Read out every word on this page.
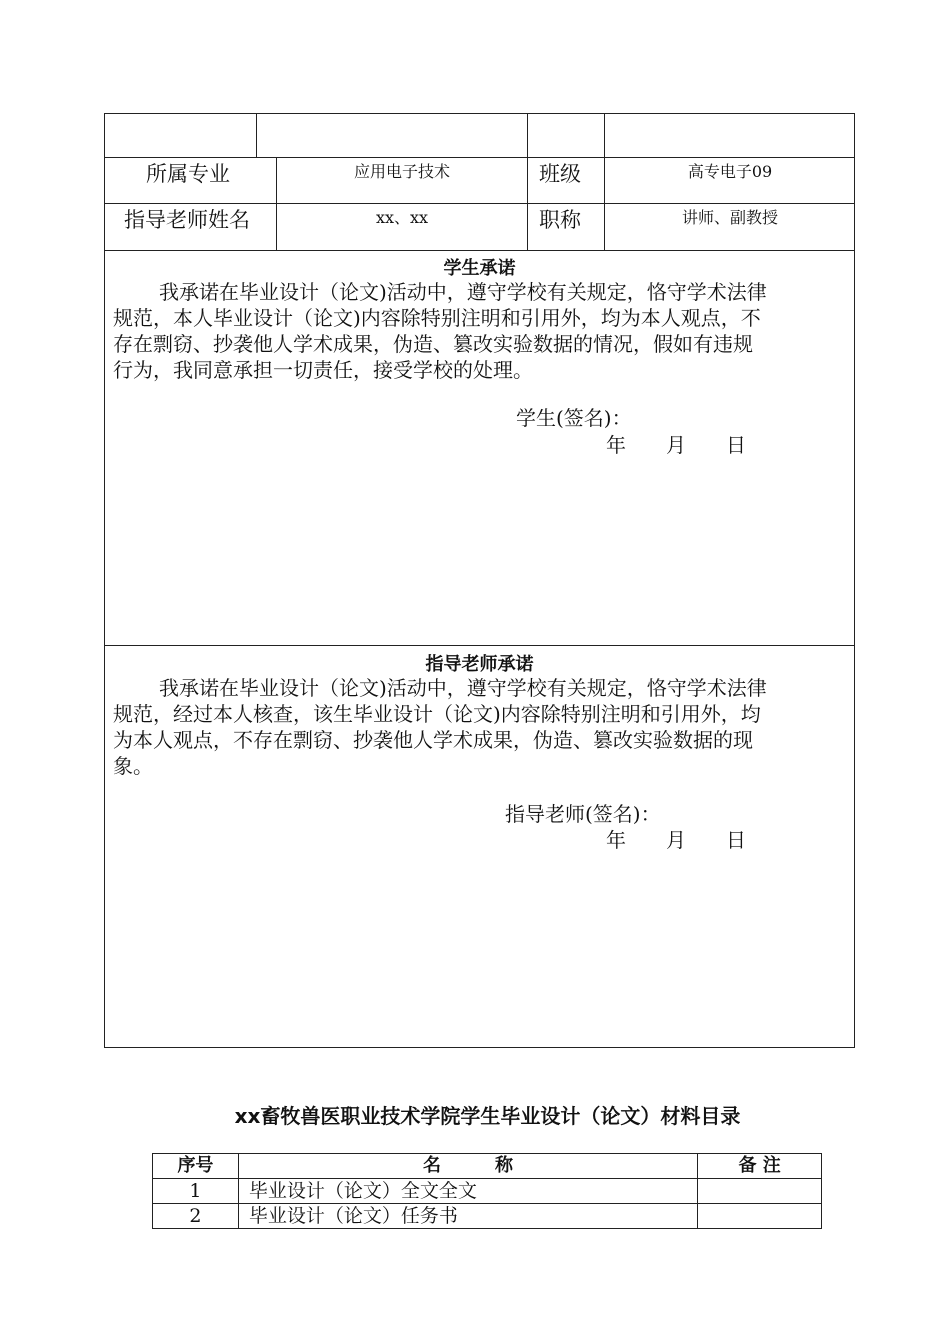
所属专业	应用电子技术	班级	高专电子09
指导老师姓名	xx、xx	职称	讲师、副教授
学生承诺
我承诺在毕业设计（论文)活动中，遵守学校有关规定，恪守学术法律
规范，本人毕业设计（论文)内容除特别注明和引用外，均为本人观点，不
存在剽窃、抄袭他人学术成果，伪造、篡改实验数据的情况，假如有违规
行为，我同意承担一切责任，接受学校的处理。
学生(签名)：
年　　月　　日
指导老师承诺
我承诺在毕业设计（论文)活动中，遵守学校有关规定，恪守学术法律
规范，经过本人核查，该生毕业设计（论文)内容除特别注明和引用外，均
为本人观点，不存在剽窃、抄袭他人学术成果，伪造、篡改实验数据的现
象。
指导老师(签名)：
年　　月　　日
xx畜牧兽医职业技术学院学生毕业设计（论文）材料目录
序号	名　　　称	备 注
1	毕业设计（论文）全文全文	
2	毕业设计（论文）任务书	
